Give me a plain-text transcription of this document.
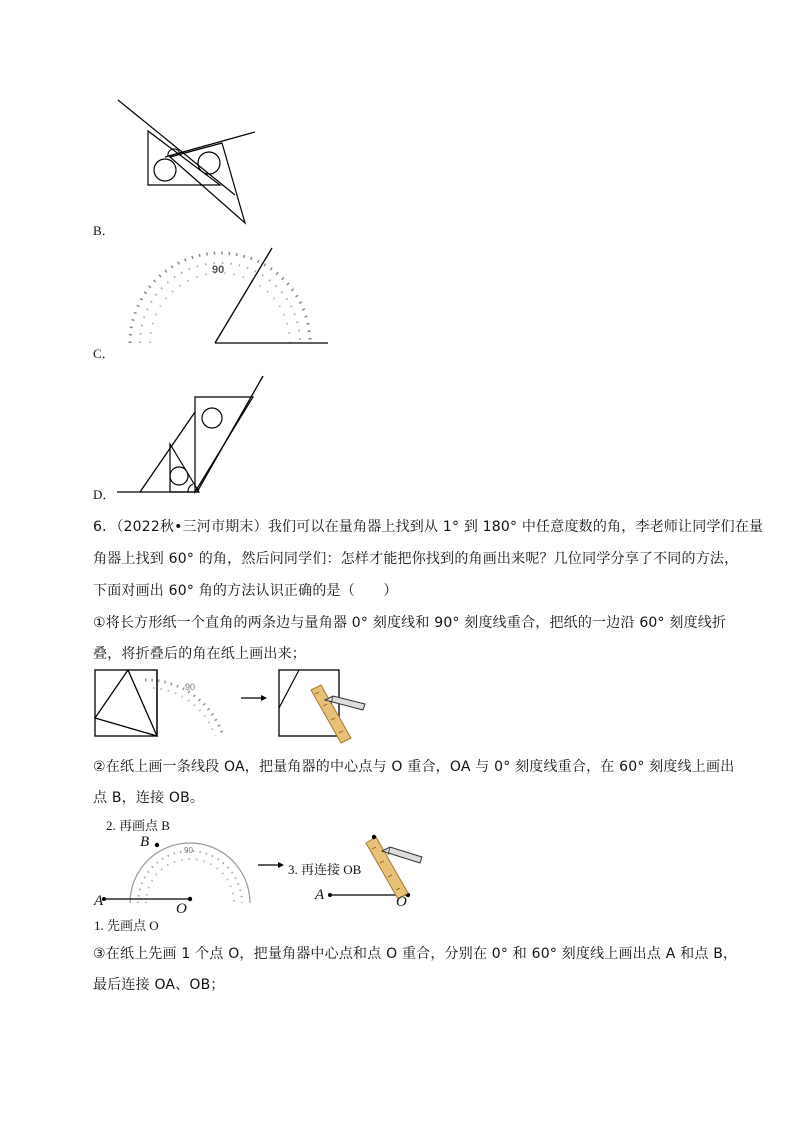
B．
90
C．
D．
6．（2022秋•三河市期末）我们可以在量角器上找到从 1° 到 180° 中任意度数的角，李老师让同学们在量
角器上找到 60° 的角，然后问同学们：怎样才能把你找到的角画出来呢？几位同学分享了不同的方法，
下面对画出 60° 角的方法认识正确的是（　　）
①将长方形纸一个直角的两条边与量角器 0° 刻度线和 90° 刻度线重合，把纸的一边沿 60° 刻度线折
叠，将折叠后的角在纸上画出来；
90
②在纸上画一条线段 OA，把量角器的中心点与 O 重合，OA 与 0° 刻度线重合，在 60° 刻度线上画出
点 B，连接 OB。
90
2. 再画点 B
B
A	O
3. 再连接 OB
A	O
1. 先画点 O
③在纸上先画 1 个点 O，把量角器中心点和点 O 重合，分别在 0° 和 60° 刻度线上画出点 A 和点 B，
最后连接 OA、OB；
